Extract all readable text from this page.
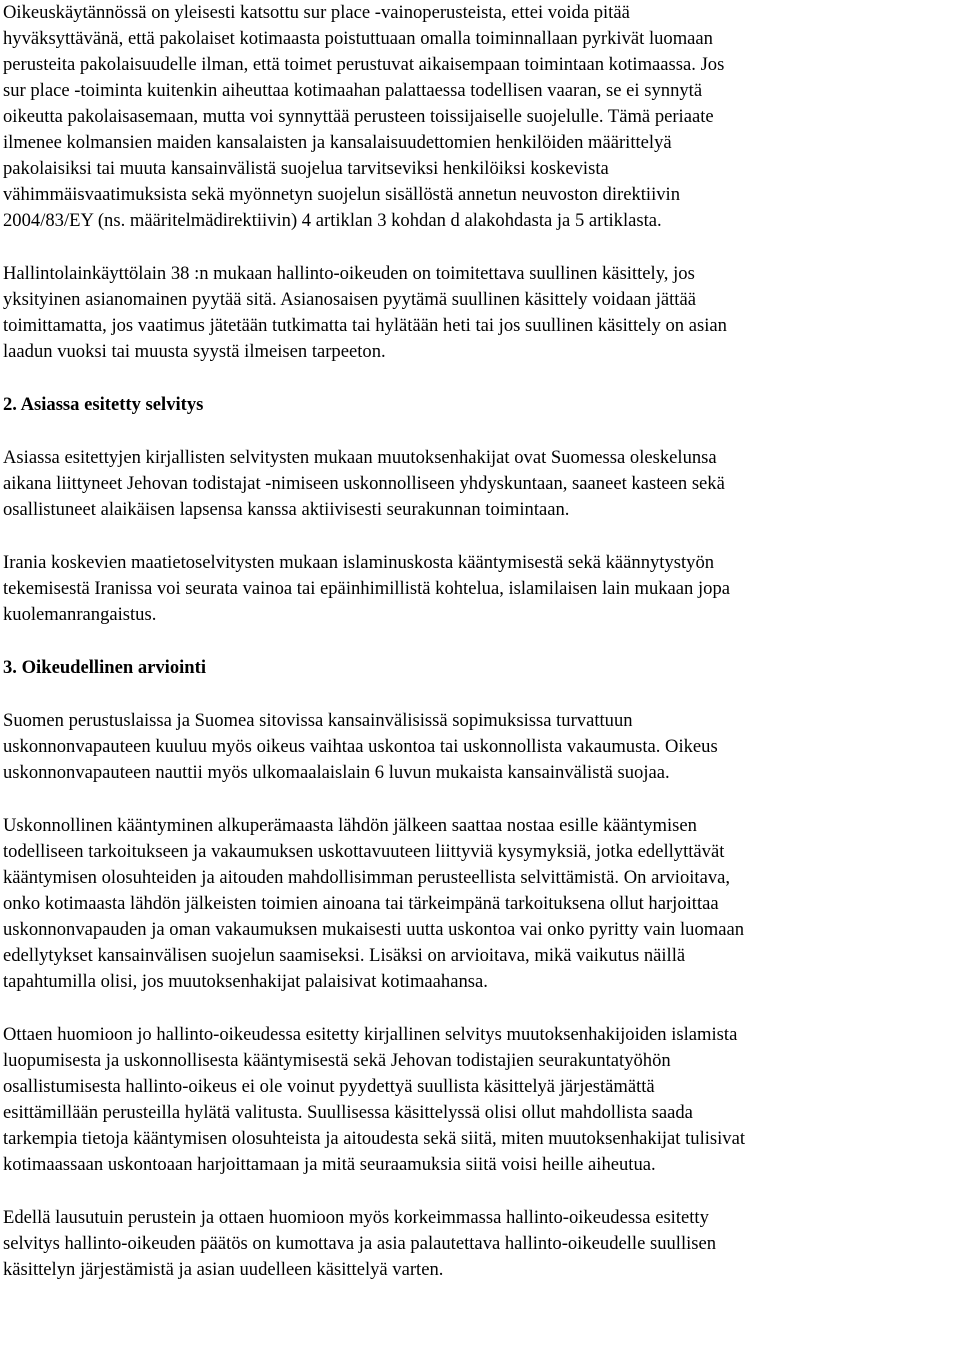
Oikeuskäytännössä on yleisesti katsottu sur place -vainoperusteista, ettei voida pitää
hyväksyttävänä, että pakolaiset kotimaasta poistuttuaan omalla toiminnallaan pyrkivät luomaan
perusteita pakolaisuudelle ilman, että toimet perustuvat aikaisempaan toimintaan kotimaassa. Jos
sur place -toiminta kuitenkin aiheuttaa kotimaahan palattaessa todellisen vaaran, se ei synnytä
oikeutta pakolaisasemaan, mutta voi synnyttää perusteen toissijaiselle suojelulle. Tämä periaate
ilmenee kolmansien maiden kansalaisten ja kansalaisuudettomien henkilöiden määrittelyä
pakolaisiksi tai muuta kansainvälistä suojelua tarvitseviksi henkilöiksi koskevista
vähimmäisvaatimuksista sekä myönnetyn suojelun sisällöstä annetun neuvoston direktiivin
2004/83/EY (ns. määritelmädirektiivin) 4 artiklan 3 kohdan d alakohdasta ja 5 artiklasta.

Hallintolainkäyttölain 38 :n mukaan hallinto-oikeuden on toimitettava suullinen käsittely, jos
yksityinen asianomainen pyytää sitä. Asianosaisen pyytämä suullinen käsittely voidaan jättää
toimittamatta, jos vaatimus jätetään tutkimatta tai hylätään heti tai jos suullinen käsittely on asian
laadun vuoksi tai muusta syystä ilmeisen tarpeeton.

2. Asiassa esitetty selvitys

Asiassa esitettyjen kirjallisten selvitysten mukaan muutoksenhakijat ovat Suomessa oleskelunsa
aikana liittyneet Jehovan todistajat -nimiseen uskonnolliseen yhdyskuntaan, saaneet kasteen sekä
osallistuneet alaikäisen lapsensa kanssa aktiivisesti seurakunnan toimintaan.

Irania koskevien maatietoselvitysten mukaan islaminuskosta kääntymisestä sekä käännytystyön
tekemisestä Iranissa voi seurata vainoa tai epäinhimillistä kohtelua, islamilaisen lain mukaan jopa
kuolemanrangaistus.

3. Oikeudellinen arviointi

Suomen perustuslaissa ja Suomea sitovissa kansainvälisissä sopimuksissa turvattuun
uskonnonvapauteen kuuluu myös oikeus vaihtaa uskontoa tai uskonnollista vakaumusta. Oikeus
uskonnonvapauteen nauttii myös ulkomaalaislain 6 luvun mukaista kansainvälistä suojaa.

Uskonnollinen kääntyminen alkuperämaasta lähdön jälkeen saattaa nostaa esille kääntymisen
todelliseen tarkoitukseen ja vakaumuksen uskottavuuteen liittyviä kysymyksiä, jotka edellyttävät
kääntymisen olosuhteiden ja aitouden mahdollisimman perusteellista selvittämistä. On arvioitava,
onko kotimaasta lähdön jälkeisten toimien ainoana tai tärkeimpänä tarkoituksena ollut harjoittaa
uskonnonvapauden ja oman vakaumuksen mukaisesti uutta uskontoa vai onko pyritty vain luomaan
edellytykset kansainvälisen suojelun saamiseksi. Lisäksi on arvioitava, mikä vaikutus näillä
tapahtumilla olisi, jos muutoksenhakijat palaisivat kotimaahansa.

Ottaen huomioon jo hallinto-oikeudessa esitetty kirjallinen selvitys muutoksenhakijoiden islamista
luopumisesta ja uskonnollisesta kääntymisestä sekä Jehovan todistajien seurakuntatyöhön
osallistumisesta hallinto-oikeus ei ole voinut pyydettyä suullista käsittelyä järjestämättä
esittämillään perusteilla hylätä valitusta. Suullisessa käsittelyssä olisi ollut mahdollista saada
tarkempia tietoja kääntymisen olosuhteista ja aitoudesta sekä siitä, miten muutoksenhakijat tulisivat
kotimaassaan uskontoaan harjoittamaan ja mitä seuraamuksia siitä voisi heille aiheutua.

Edellä lausutuin perustein ja ottaen huomioon myös korkeimmassa hallinto-oikeudessa esitetty
selvitys hallinto-oikeuden päätös on kumottava ja asia palautettava hallinto-oikeudelle suullisen
käsittelyn järjestämistä ja asian uudelleen käsittelyä varten.
